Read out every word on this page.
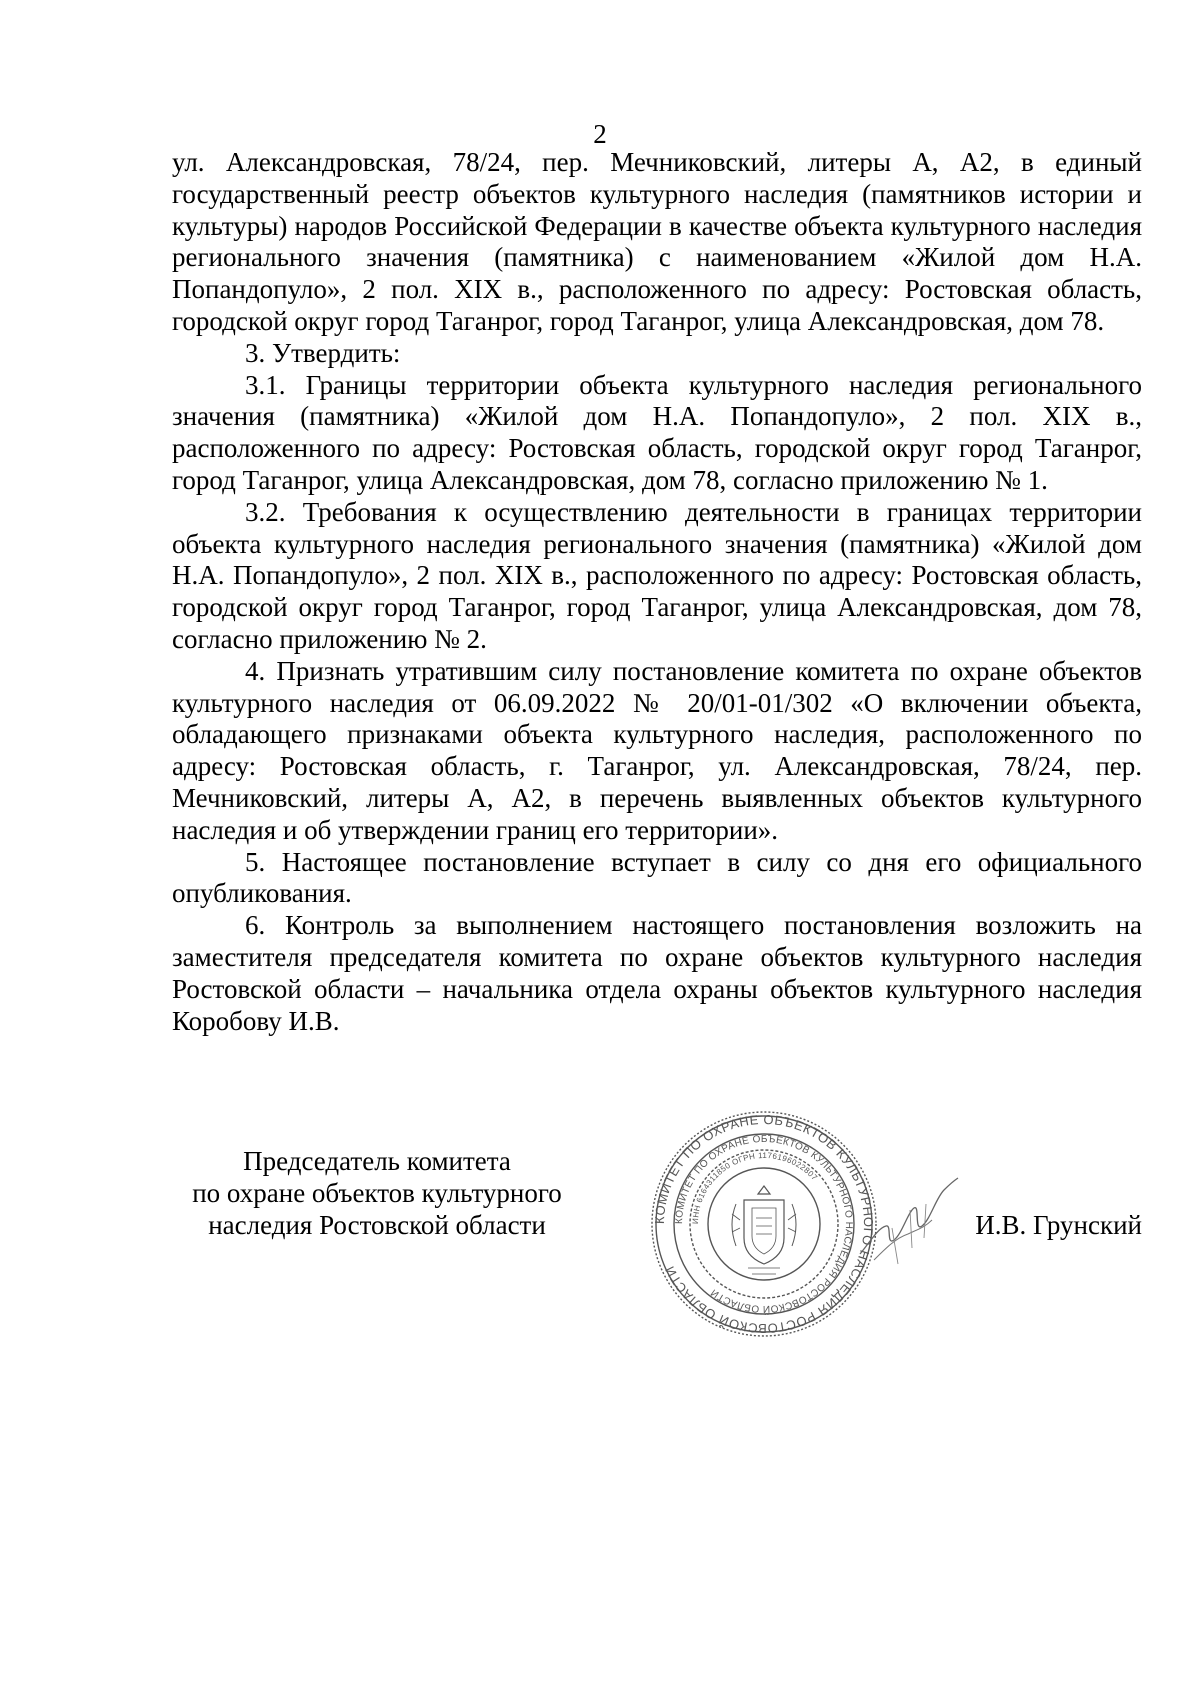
2

ул. Александровская, 78/24, пер. Мечниковский, литеры А, А2, в единый государственный реестр объектов культурного наследия (памятников истории и культуры) народов Российской Федерации в качестве объекта культурного наследия регионального значения (памятника) с наименованием «Жилой дом Н.А. Попандопуло», 2 пол. XIX в., расположенного по адресу: Ростовская область, городской округ город Таганрог, город Таганрог, улица Александровская, дом 78.

3. Утвердить:

3.1. Границы территории объекта культурного наследия регионального значения (памятника) «Жилой дом Н.А. Попандопуло», 2 пол. XIX в., расположенного по адресу: Ростовская область, городской округ город Таганрог, город Таганрог, улица Александровская, дом 78, согласно приложению № 1.

3.2. Требования к осуществлению деятельности в границах территории объекта культурного наследия регионального значения (памятника) «Жилой дом Н.А. Попандопуло», 2 пол. XIX в., расположенного по адресу: Ростовская область, городской округ город Таганрог, город Таганрог, улица Александровская, дом 78, согласно приложению № 2.

4. Признать утратившим силу постановление комитета по охране объектов культурного наследия от 06.09.2022 № 20/01-01/302 «О включении объекта, обладающего признаками объекта культурного наследия, расположенного по адресу: Ростовская область, г. Таганрог, ул. Александровская, 78/24, пер. Мечниковский, литеры А, А2, в перечень выявленных объектов культурного наследия и об утверждении границ его территории».

5. Настоящее постановление вступает в силу со дня его официального опубликования.

6. Контроль за выполнением настоящего постановления возложить на заместителя председателя комитета по охране объектов культурного наследия Ростовской области – начальника отдела охраны объектов культурного наследия Коробову И.В.

Председатель комитета
по охране объектов культурного
наследия Ростовской области	КОМИТЕТ ПО ОХРАНЕ ОБЪЕКТОВ КУЛЬТУРНОГО НАСЛЕДИЯ РОСТОВСКОЙ ОБЛАСТИ
КОМИТЕТ ПО ОХРАНЕ ОБЪЕКТОВ КУЛЬТУРНОГО НАСЛЕДИЯ РОСТОВСКОЙ ОБЛАСТИ
ИНН 6164311850 ОГРН 1176196022807
И.В. Грунский
